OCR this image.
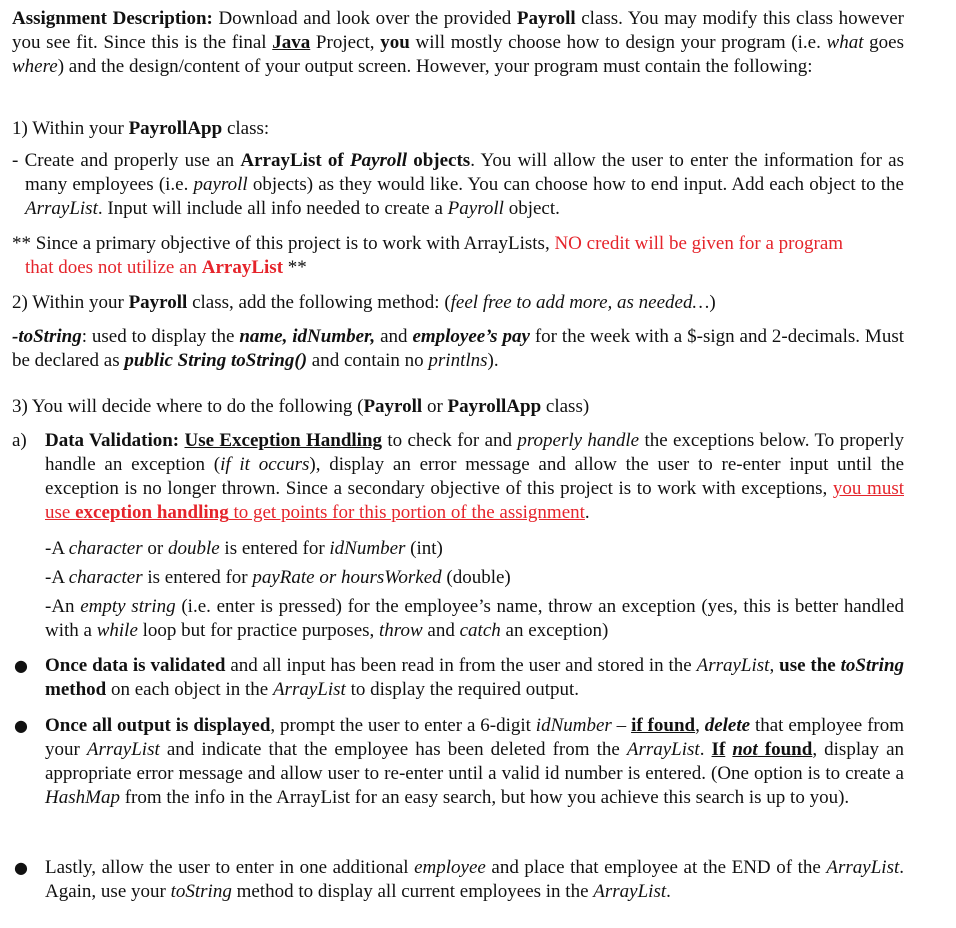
Assignment Description: Download and look over the provided Payroll class. You may modify this class however you see fit. Since this is the final Java Project, you will mostly choose how to design your program (i.e. what goes where) and the design/content of your output screen. However, your program must contain the following:

1) Within your PayrollApp class:

- Create and properly use an ArrayList of Payroll objects. You will allow the user to enter the information for as many employees (i.e. payroll objects) as they would like. You can choose how to end input. Add each object to the ArrayList. Input will include all info needed to create a Payroll object.

** Since a primary objective of this project is to work with ArrayLists, NO credit will be given for a program that does not utilize an ArrayList **

2) Within your Payroll class, add the following method: (feel free to add more, as needed…)

-toString: used to display the name, idNumber, and employee’s pay for the week with a $-sign and 2-decimals. Must be declared as public String toString() and contain no printlns).

3) You will decide where to do the following (Payroll or PayrollApp class)

a) Data Validation: Use Exception Handling to check for and properly handle the exceptions below. To properly handle an exception (if it occurs), display an error message and allow the user to re-enter input until the exception is no longer thrown. Since a secondary objective of this project is to work with exceptions, you must use exception handling to get points for this portion of the assignment.

-A character or double is entered for idNumber (int)

-A character is entered for payRate or hoursWorked (double)

-An empty string (i.e. enter is pressed) for the employee’s name, throw an exception (yes, this is better handled with a while loop but for practice purposes, throw and catch an exception)

● Once data is validated and all input has been read in from the user and stored in the ArrayList, use the toString method on each object in the ArrayList to display the required output.

● Once all output is displayed, prompt the user to enter a 6-digit idNumber – if found, delete that employee from your ArrayList and indicate that the employee has been deleted from the ArrayList. If not found, display an appropriate error message and allow user to re-enter until a valid id number is entered. (One option is to create a HashMap from the info in the ArrayList for an easy search, but how you achieve this search is up to you).

● Lastly, allow the user to enter in one additional employee and place that employee at the END of the ArrayList. Again, use your toString method to display all current employees in the ArrayList.
